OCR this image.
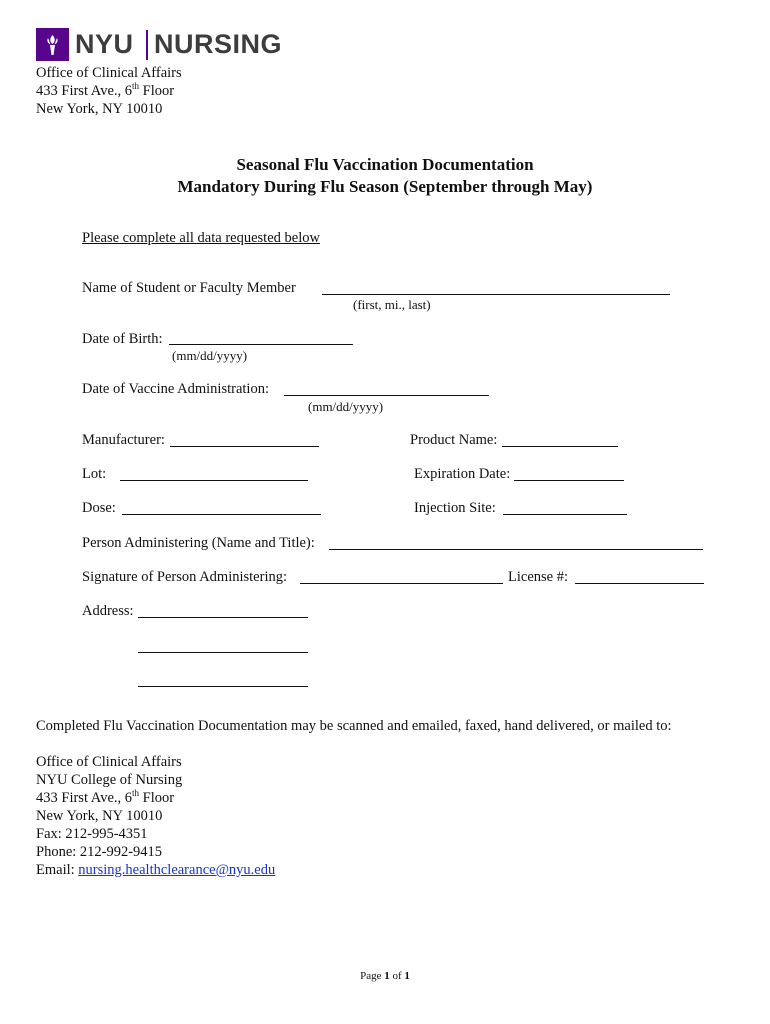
NYU NURSING
Office of Clinical Affairs
433 First Ave., 6th Floor
New York, NY 10010
Seasonal Flu Vaccination Documentation
Mandatory During Flu Season (September through May)
Please complete all data requested below
Name of Student or Faculty Member
(first, mi., last)
Date of Birth:
(mm/dd/yyyy)
Date of Vaccine Administration:
(mm/dd/yyyy)
Manufacturer:	Product Name:
Lot:	Expiration Date:
Dose:	Injection Site:
Person Administering (Name and Title):
Signature of Person Administering:	License #:
Address:
Completed Flu Vaccination Documentation may be scanned and emailed, faxed, hand delivered, or mailed to:
Office of Clinical Affairs
NYU College of Nursing
433 First Ave., 6th Floor
New York, NY 10010
Fax: 212-995-4351
Phone: 212-992-9415
Email: nursing.healthclearance@nyu.edu
Page 1 of 1
